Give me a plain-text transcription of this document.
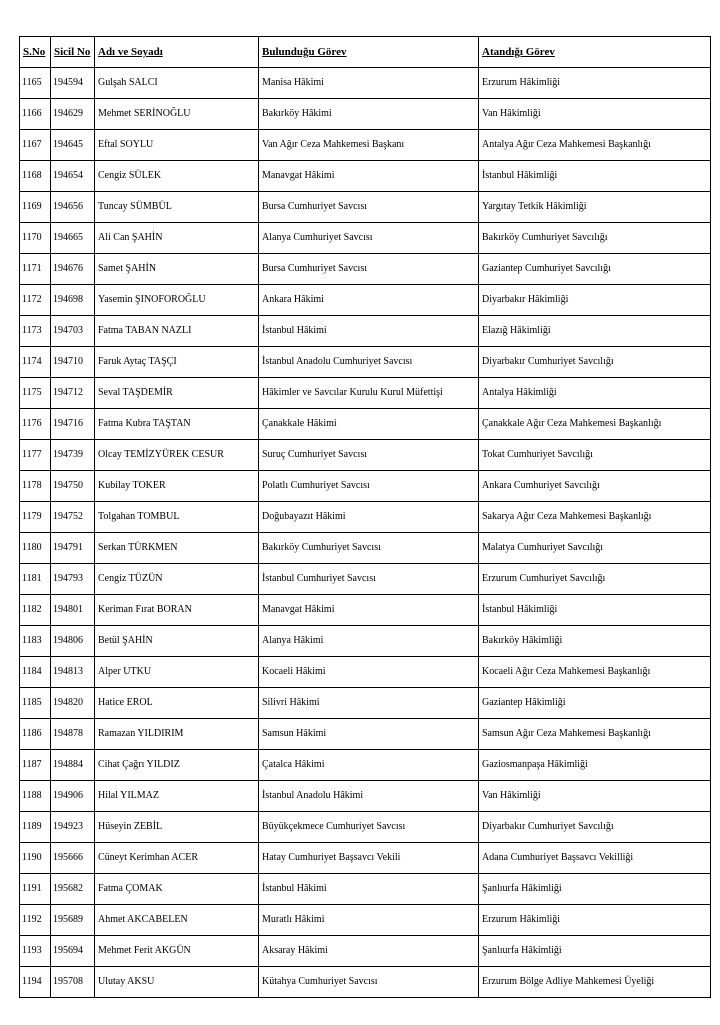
S.No	Sicil No	Adı ve Soyadı	Bulunduğu Görev	Atandığı Görev
1165	194594	Gulşah SALCI	Manisa Hâkimi	Erzurum Hâkimliği
1166	194629	Mehmet SERİNOĞLU	Bakırköy Hâkimi	Van Hâkimliği
1167	194645	Eftal SOYLU	Van Ağır Ceza Mahkemesi Başkanı	Antalya Ağır Ceza Mahkemesi Başkanlığı
1168	194654	Cengiz SÜLEK	Manavgat Hâkimi	İstanbul Hâkimliği
1169	194656	Tuncay SÜMBÜL	Bursa Cumhuriyet Savcısı	Yargıtay Tetkik Hâkimliği
1170	194665	Ali Can ŞAHİN	Alanya Cumhuriyet Savcısı	Bakırköy Cumhuriyet Savcılığı
1171	194676	Samet ŞAHİN	Bursa Cumhuriyet Savcısı	Gaziantep Cumhuriyet Savcılığı
1172	194698	Yasemin ŞINOFOROĞLU	Ankara Hâkimi	Diyarbakır Hâkimliği
1173	194703	Fatma TABAN NAZLI	İstanbul Hâkimi	Elazığ Hâkimliği
1174	194710	Faruk Aytaç TAŞÇI	İstanbul Anadolu Cumhuriyet Savcısı	Diyarbakır Cumhuriyet Savcılığı
1175	194712	Seval TAŞDEMİR	Hâkimler ve Savcılar Kurulu Kurul Müfettişi	Antalya Hâkimliği
1176	194716	Fatma Kubra TAŞTAN	Çanakkale Hâkimi	Çanakkale Ağır Ceza Mahkemesi Başkanlığı
1177	194739	Olcay TEMİZYÜREK CESUR	Suruç Cumhuriyet Savcısı	Tokat Cumhuriyet Savcılığı
1178	194750	Kubilay TOKER	Polatlı Cumhuriyet Savcısı	Ankara Cumhuriyet Savcılığı
1179	194752	Tolgahan TOMBUL	Doğubayazıt Hâkimi	Sakarya Ağır Ceza Mahkemesi Başkanlığı
1180	194791	Serkan TÜRKMEN	Bakırköy Cumhuriyet Savcısı	Malatya Cumhuriyet Savcılığı
1181	194793	Cengiz TÜZÜN	İstanbul Cumhuriyet Savcısı	Erzurum Cumhuriyet Savcılığı
1182	194801	Keriman Fırat BORAN	Manavgat Hâkimi	İstanbul Hâkimliği
1183	194806	Betül ŞAHİN	Alanya Hâkimi	Bakırköy Hâkimliği
1184	194813	Alper UTKU	Kocaeli Hâkimi	Kocaeli Ağır Ceza Mahkemesi Başkanlığı
1185	194820	Hatice EROL	Silivri Hâkimi	Gaziantep Hâkimliği
1186	194878	Ramazan YILDIRIM	Samsun Hâkimi	Samsun Ağır Ceza Mahkemesi Başkanlığı
1187	194884	Cihat Çağrı YILDIZ	Çatalca Hâkimi	Gaziosmanpaşa Hâkimliği
1188	194906	Hilal YILMAZ	İstanbul Anadolu Hâkimi	Van Hâkimliği
1189	194923	Hüseyin ZEBİL	Büyükçekmece Cumhuriyet Savcısı	Diyarbakır Cumhuriyet Savcılığı
1190	195666	Cüneyt Kerimhan ACER	Hatay Cumhuriyet Başsavcı Vekili	Adana Cumhuriyet Başsavcı Vekilliği
1191	195682	Fatma ÇOMAK	İstanbul Hâkimi	Şanlıurfa Hâkimliği
1192	195689	Ahmet AKCABELEN	Muratlı Hâkimi	Erzurum Hâkimliği
1193	195694	Mehmet Ferit AKGÜN	Aksaray Hâkimi	Şanlıurfa Hâkimliği
1194	195708	Ulutay AKSU	Kütahya Cumhuriyet Savcısı	Erzurum Bölge Adliye Mahkemesi Üyeliği
